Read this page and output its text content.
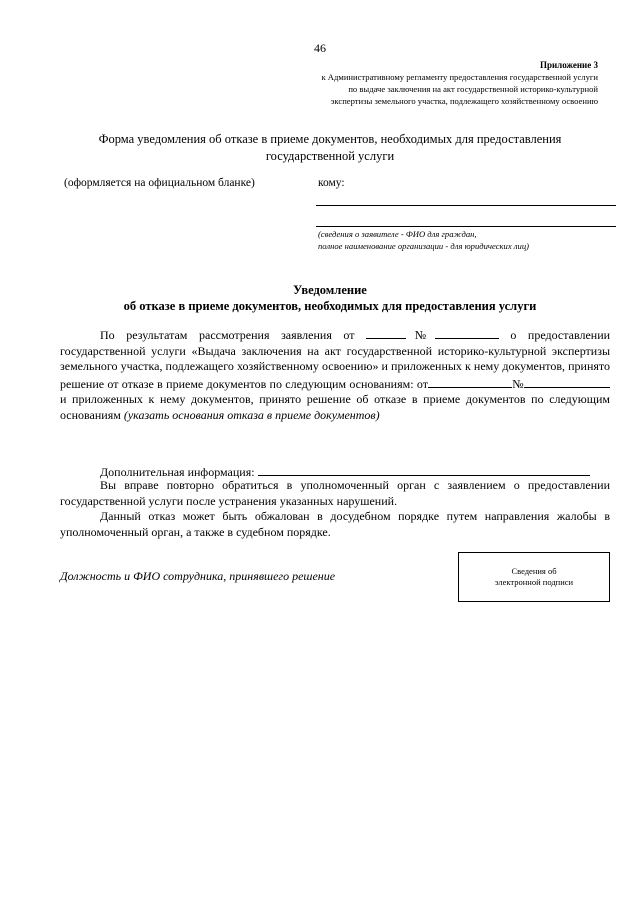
46
Приложение 3
к Административному регламенту предоставления государственной услуги
по выдаче заключения на акт государственной историко-культурной
экспертизы земельного участка, подлежащего хозяйственному освоению
Форма уведомления об отказе в приеме документов, необходимых для предоставления
государственной услуги
(оформляется на официальном бланке)	кому:
(сведения о заявителе - ФИО для граждан,
полное наименование организации - для юридических лиц)
Уведомление
об отказе в приеме документов, необходимых для предоставления услуги

По результатам рассмотрения заявления от	№	о предоставлении государственной услуги «Выдача заключения на акт государственной историко-культурной экспертизы земельного участка, подлежащего хозяйственному освоению» и приложенных к нему документов, принято решение от отказе в приеме документов по следующим основаниям: от	№ и приложенных к нему документов, принято решение об отказе в приеме документов по следующим основаниям (указать основания отказа в приеме документов)

Дополнительная информация:

Вы вправе повторно обратиться в уполномоченный орган с заявлением о предоставлении государственной услуги после устранения указанных нарушений.

Данный отказ может быть обжалован в досудебном порядке путем направления жалобы в уполномоченный орган, а также в судебном порядке.

Должность и ФИО сотрудника, принявшего решение	Сведения об
электронной подписи
